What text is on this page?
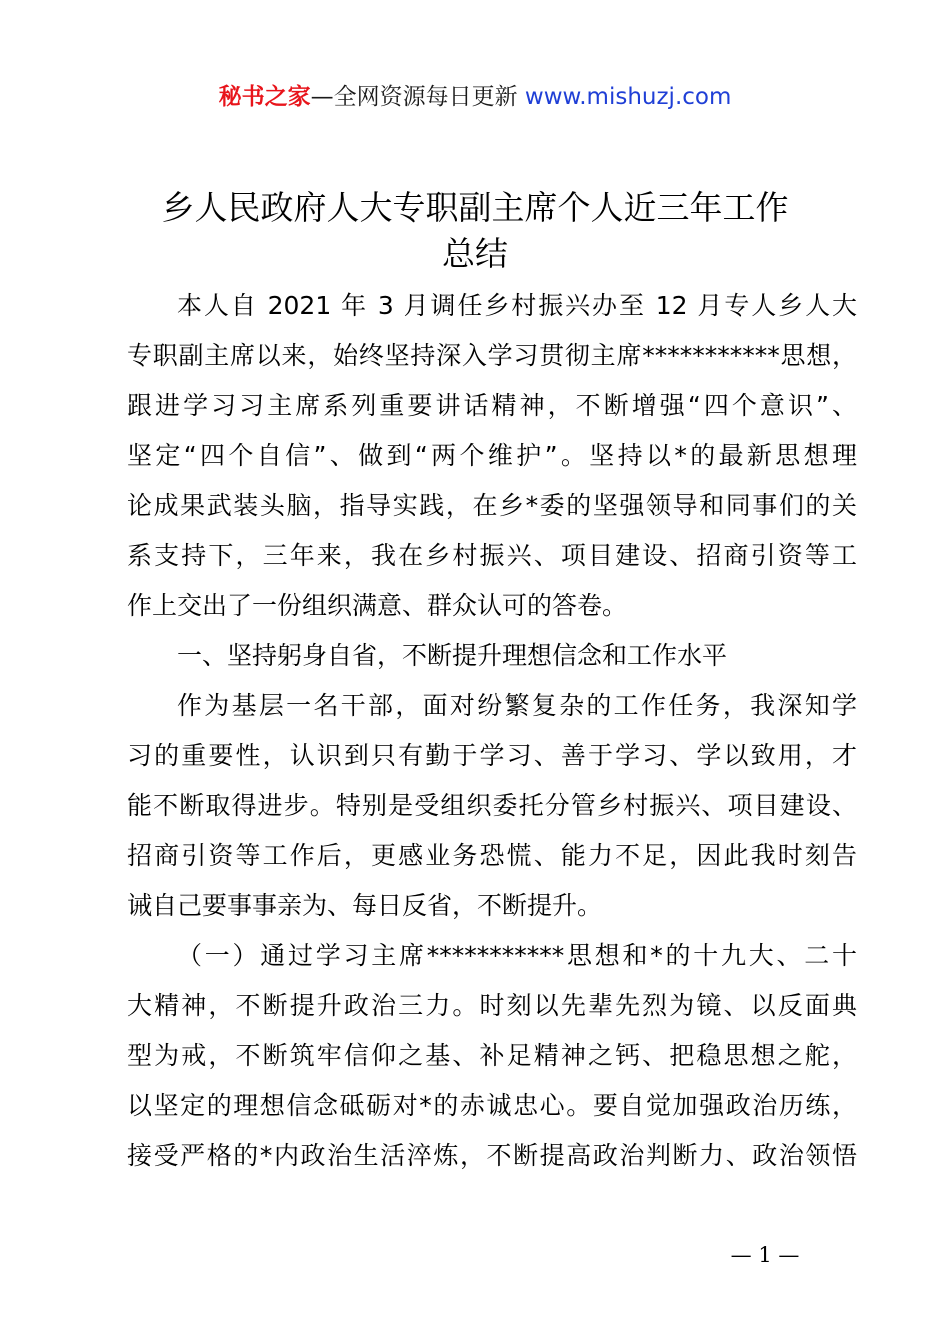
秘书之家—全网资源每日更新 www.mishuzj.com
乡人民政府人大专职副主席个人近三年工作
总结

本人自 2021 年 3 月调任乡村振兴办至 12 月专人乡人大

专职副主席以来，始终坚持深入学习贯彻主席***********思想，

跟进学习习主席系列重要讲话精神，不断增强“四个意识”、

坚定“四个自信”、做到“两个维护”。坚持以*的最新思想理

论成果武装头脑，指导实践，在乡*委的坚强领导和同事们的关

系支持下，三年来，我在乡村振兴、项目建设、招商引资等工

作上交出了一份组织满意、群众认可的答卷。

一、坚持躬身自省，不断提升理想信念和工作水平

作为基层一名干部，面对纷繁复杂的工作任务，我深知学

习的重要性，认识到只有勤于学习、善于学习、学以致用，才

能不断取得进步。特别是受组织委托分管乡村振兴、项目建设、

招商引资等工作后，更感业务恐慌、能力不足，因此我时刻告

诫自己要事事亲为、每日反省，不断提升。

（一）通过学习主席***********思想和*的十九大、二十

大精神，不断提升政治三力。时刻以先辈先烈为镜、以反面典

型为戒，不断筑牢信仰之基、补足精神之钙、把稳思想之舵，

以坚定的理想信念砥砺对*的赤诚忠心。要自觉加强政治历练，

接受严格的*内政治生活淬炼，不断提高政治判断力、政治领悟

— 1 —
